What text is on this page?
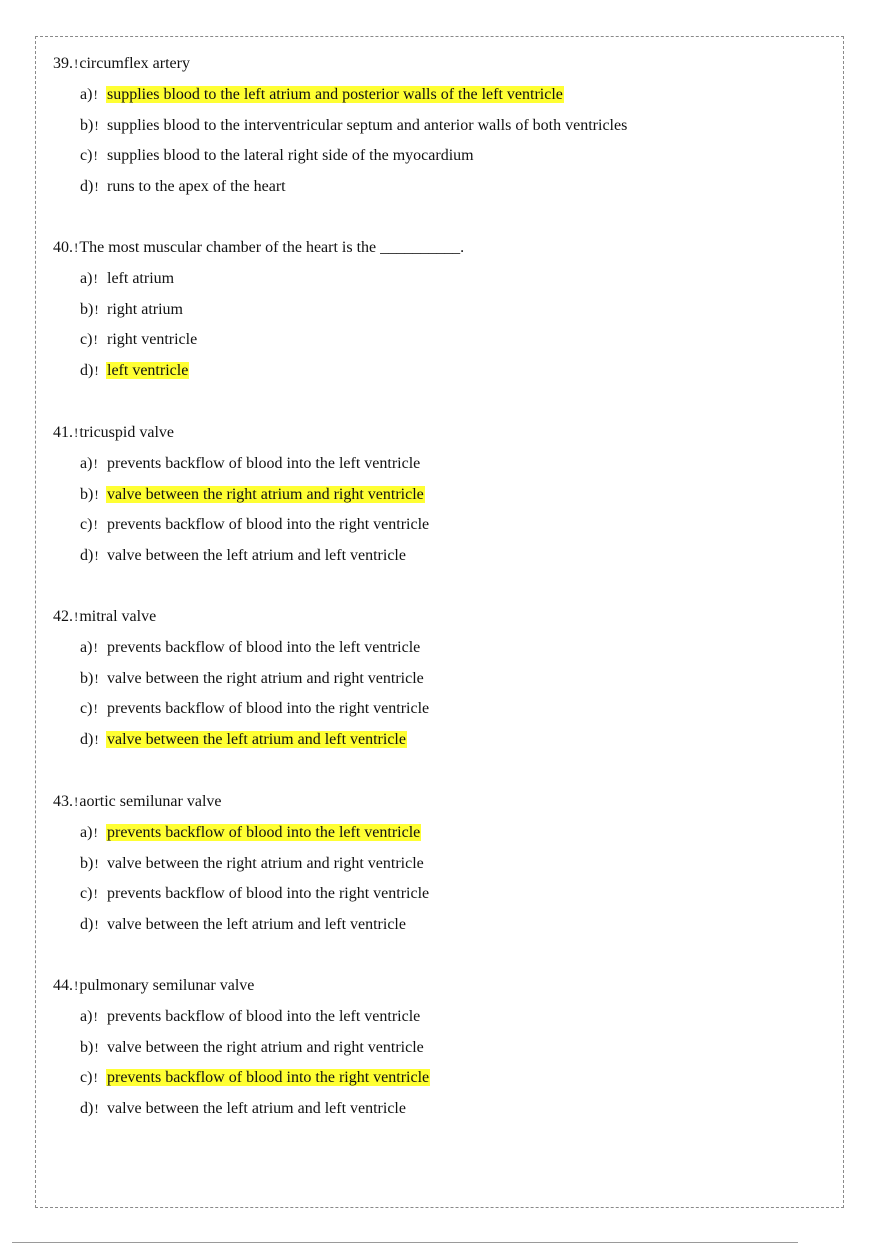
39.!circumflex artery
a)! supplies blood to the left atrium and posterior walls of the left ventricle
b)! supplies blood to the interventricular septum and anterior walls of both ventricles
c)! supplies blood to the lateral right side of the myocardium
d)! runs to the apex of the heart
40.!The most muscular chamber of the heart is the __________.
a)! left atrium
b)! right atrium
c)! right ventricle
d)! left ventricle
41.!tricuspid valve
a)! prevents backflow of blood into the left ventricle
b)! valve between the right atrium and right ventricle
c)! prevents backflow of blood into the right ventricle
d)! valve between the left atrium and left ventricle
42.!mitral valve
a)! prevents backflow of blood into the left ventricle
b)! valve between the right atrium and right ventricle
c)! prevents backflow of blood into the right ventricle
d)! valve between the left atrium and left ventricle
43.!aortic semilunar valve
a)! prevents backflow of blood into the left ventricle
b)! valve between the right atrium and right ventricle
c)! prevents backflow of blood into the right ventricle
d)! valve between the left atrium and left ventricle
44.!pulmonary semilunar valve
a)! prevents backflow of blood into the left ventricle
b)! valve between the right atrium and right ventricle
c)! prevents backflow of blood into the right ventricle
d)! valve between the left atrium and left ventricle
